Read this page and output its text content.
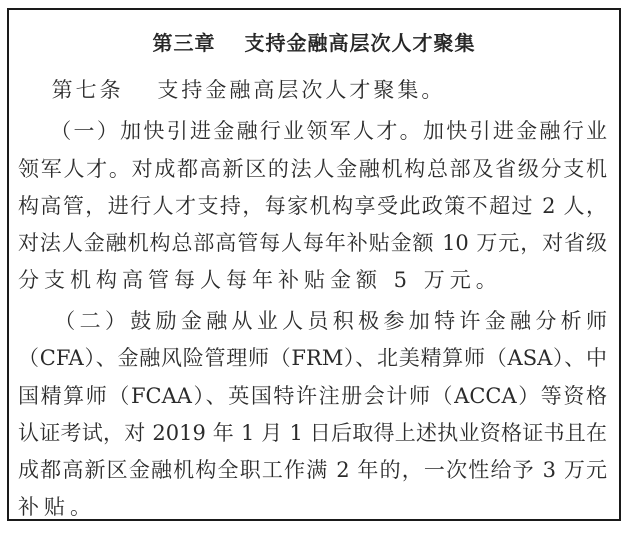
第三章　 支持金融高层次人才聚集
　 第七条　 支持金融高层次人才聚集。
　 （一）加快引进金融行业领军人才。加快引进金融行业
领军人才。对成都高新区的法人金融机构总部及省级分支机
构高管，进行人才支持，每家机构享受此政策不超过 2 人，
对法人金融机构总部高管每人每年补贴金额 10 万元，对省级
分支机构高管每人每年补贴金额 5 万元。
　 （二）鼓励金融从业人员积极参加特许金融分析师
（CFA）、金融风险管理师（FRM）、北美精算师（ASA）、中
国精算师（FCAA）、英国特许注册会计师（ACCA）等资格
认证考试，对 2019 年 1 月 1 日后取得上述执业资格证书且在
成都高新区金融机构全职工作满 2 年的，一次性给予 3 万元
补贴。
